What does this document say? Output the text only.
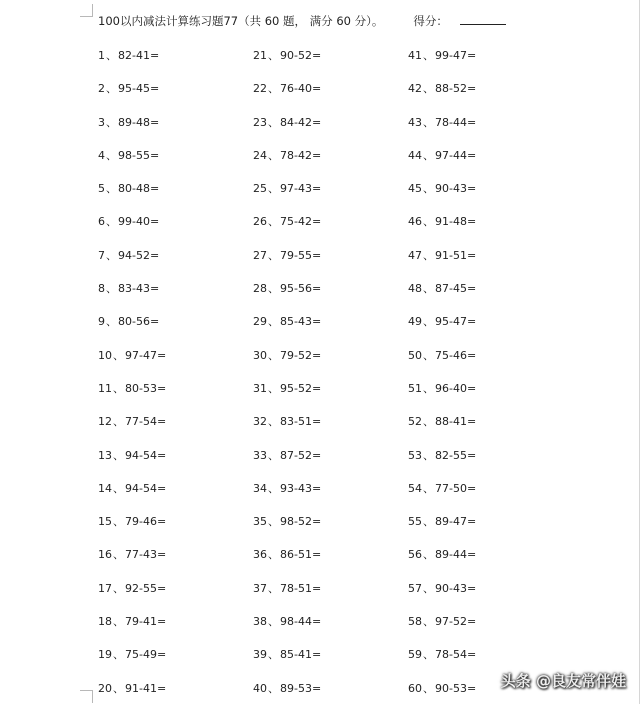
100以内减法计算练习题77（共 60 题， 满分 60 分）。	得分：
1、82-41=
2、95-45=
3、89-48=
4、98-55=
5、80-48=
6、99-40=
7、94-52=
8、83-43=
9、80-56=
10、97-47=
11、80-53=
12、77-54=
13、94-54=
14、94-54=
15、79-46=
16、77-43=
17、92-55=
18、79-41=
19、75-49=
20、91-41=
21、90-52=
22、76-40=
23、84-42=
24、78-42=
25、97-43=
26、75-42=
27、79-55=
28、95-56=
29、85-43=
30、79-52=
31、95-52=
32、83-51=
33、87-52=
34、93-43=
35、98-52=
36、86-51=
37、78-51=
38、98-44=
39、85-41=
40、89-53=
41、99-47=
42、88-52=
43、78-44=
44、97-44=
45、90-43=
46、91-48=
47、91-51=
48、87-45=
49、95-47=
50、75-46=
51、96-40=
52、88-41=
53、82-55=
54、77-50=
55、89-47=
56、89-44=
57、90-43=
58、97-52=
59、78-54=
60、90-53= 头条 @良友常伴娃
